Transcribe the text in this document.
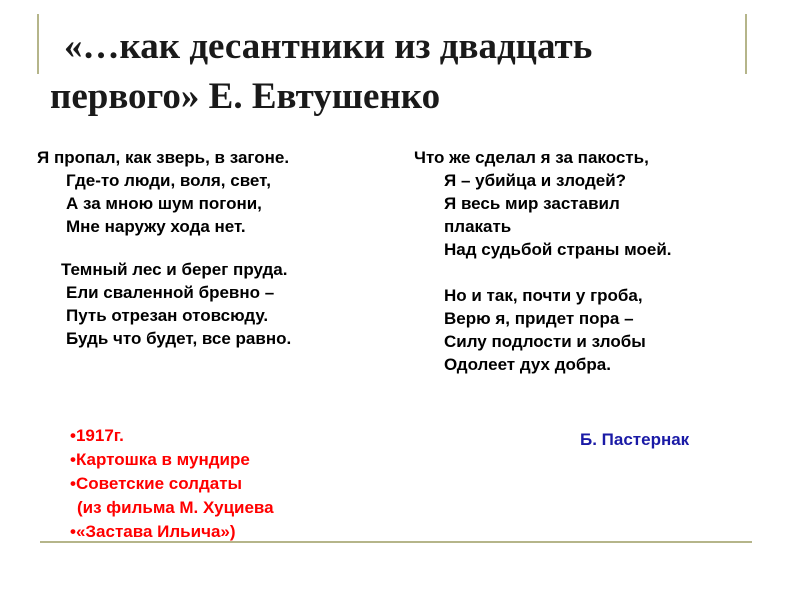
«…как десантники из двадцать
первого» Е. Евтушенко
Я пропал, как зверь, в загоне.
Где-то люди, воля, свет,
А за мною шум погони,
Мне наружу хода нет.
Темный лес и берег пруда.
Ели сваленной бревно –
Путь отрезан отовсюду.
Будь что будет, все равно.
Что же сделал я за пакость,
Я – убийца и злодей?
Я весь мир заставил
плакать
Над судьбой страны моей.
Но и так, почти у гроба,
Верю я, придет пора –
Силу подлости и злобы
Одолеет дух добра.
•1917г.
•Картошка в мундире
•Советские солдаты
(из фильма М. Хуциева
•«Застава Ильича»)
Б. Пастернак
